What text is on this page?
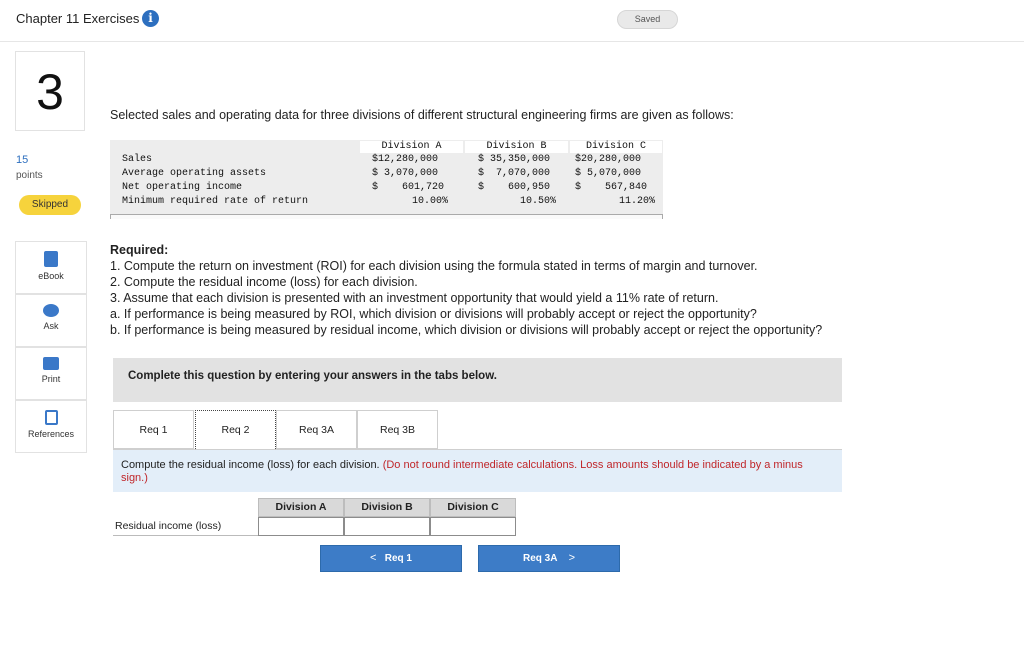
Chapter 11 Exercises i	Saved
3
15
points
Skipped
eBook
Ask
Print
References
Selected sales and operating data for three divisions of different structural engineering firms are given as follows:
Division A	Division B	Division C
Sales	$12,280,000	$ 35,350,000 $20,280,000
Average operating assets	$ 3,070,000	$  7,070,000 $ 5,070,000
Net operating income	$    601,720	$    600,950 $    567,840
Minimum required rate of return	10.00%	10.50%	11.20%
Required:
1. Compute the return on investment (ROI) for each division using the formula stated in terms of margin and turnover.
2. Compute the residual income (loss) for each division.
3. Assume that each division is presented with an investment opportunity that would yield a 11% rate of return.
a. If performance is being measured by ROI, which division or divisions will probably accept or reject the opportunity?
b. If performance is being measured by residual income, which division or divisions will probably accept or reject the opportunity?
Complete this question by entering your answers in the tabs below.
Req 1	Req 2	Req 3A	Req 3B
Compute the residual income (loss) for each division. (Do not round intermediate calculations. Loss amounts should be indicated by a minus sign.)
Division A	Division B	Division C
Residual income (loss)
< Req 1	Req 3A >
